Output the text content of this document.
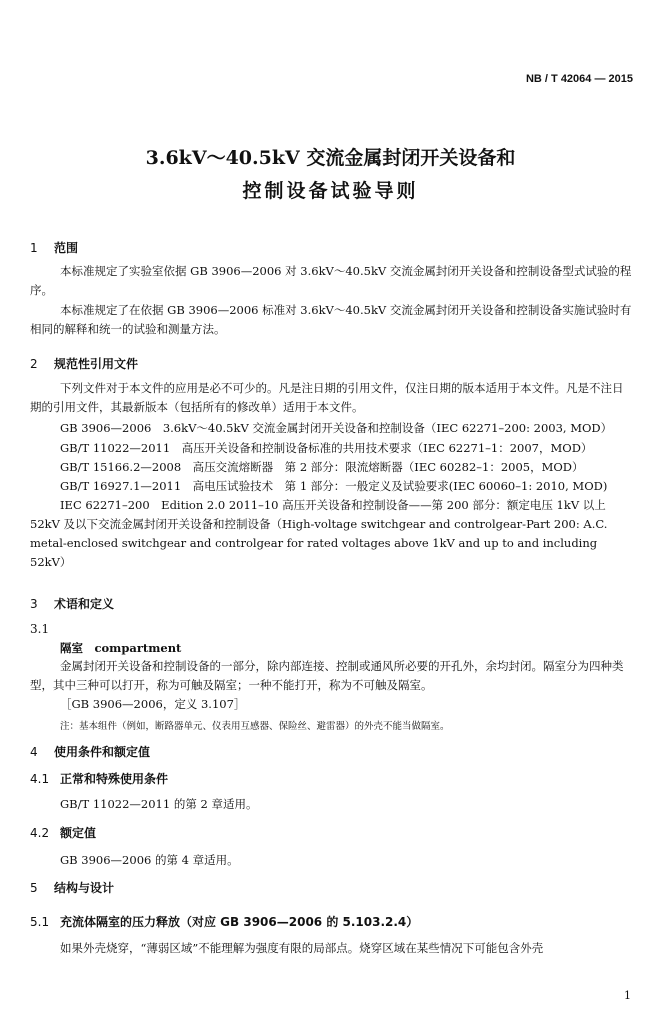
NB / T 42064 — 2015
3.6kV～40.5kV 交流金属封闭开关设备和
控制设备试验导则
1 范围
本标准规定了实验室依据 GB 3906—2006 对 3.6kV～40.5kV 交流金属封闭开关设备和控制设备型式试验的程序。
本标准规定了在依据 GB 3906—2006 标准对 3.6kV～40.5kV 交流金属封闭开关设备和控制设备实施试验时有相同的解释和统一的试验和测量方法。
2 规范性引用文件
下列文件对于本文件的应用是必不可少的。凡是注日期的引用文件，仅注日期的版本适用于本文件。凡是不注日期的引用文件，其最新版本（包括所有的修改单）适用于本文件。
GB 3906—2006　3.6kV～40.5kV 交流金属封闭开关设备和控制设备（IEC 62271–200: 2003, MOD）
GB/T 11022—2011　高压开关设备和控制设备标准的共用技术要求（IEC 62271–1：2007，MOD）
GB/T 15166.2—2008　高压交流熔断器　第 2 部分：限流熔断器（IEC 60282–1：2005，MOD）
GB/T 16927.1—2011　高电压试验技术　第 1 部分：一般定义及试验要求(IEC 60060–1: 2010, MOD)
IEC 62271–200　Edition 2.0 2011–10 高压开关设备和控制设备——第 200 部分：额定电压 1kV 以上 52kV 及以下交流金属封闭开关设备和控制设备（High-voltage switchgear and controlgear-Part 200: A.C. metal-enclosed switchgear and controlgear for rated voltages above 1kV and up to and including 52kV）
3 术语和定义
3.1
隔室　compartment
金属封闭开关设备和控制设备的一部分，除内部连接、控制或通风所必要的开孔外，余均封闭。隔室分为四种类型，其中三种可以打开，称为可触及隔室；一种不能打开，称为不可触及隔室。
［GB 3906—2006，定义 3.107］
注：基本组件（例如，断路器单元、仪表用互感器、保险丝、避雷器）的外壳不能当做隔室。
4 使用条件和额定值
4.1 正常和特殊使用条件
GB/T 11022—2011 的第 2 章适用。
4.2 额定值
GB 3906—2006 的第 4 章适用。
5 结构与设计
5.1 充流体隔室的压力释放（对应 GB 3906—2006 的 5.103.2.4）
如果外壳烧穿，“薄弱区域”不能理解为强度有限的局部点。烧穿区域在某些情况下可能包含外壳
1
